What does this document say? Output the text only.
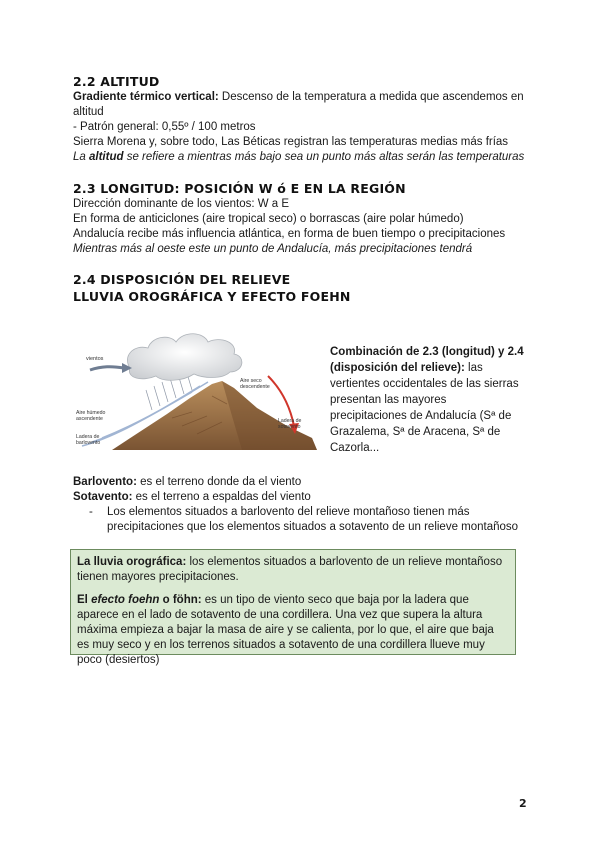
2.2 ALTITUD

Gradiente térmico vertical: Descenso de la temperatura a medida que ascendemos en

altitud

- Patrón general: 0,55º / 100 metros

Sierra Morena y, sobre todo, Las Béticas registran las temperaturas medias más frías

La altitud se refiere a mientras más bajo sea un punto más altas serán las temperaturas

2.3 LONGITUD: POSICIÓN W ó E EN LA REGIÓN

Dirección dominante de los vientos: W a E

En forma de anticiclones (aire tropical seco) o borrascas (aire polar húmedo)

Andalucía recibe más influencia atlántica, en forma de buen tiempo o precipitaciones

Mientras más al oeste este un punto de Andalucía, más precipitaciones tendrá

2.4 DISPOSICIÓN DEL RELIEVE

LLUVIA OROGRÁFICA Y EFECTO FOEHN

vientos
Aire seco
descendente
Aire húmedo
ascendente	Ladera de
sotavento
Ladera de
barlovento

Combinación de 2.3 (longitud) y 2.4 (disposición del relieve): las vertientes occidentales de las sierras presentan las mayores precipitaciones de Andalucía (Sª de Grazalema, Sª de Aracena, Sª de Cazorla...

Barlovento: es el terreno donde da el viento

Sotavento: es el terreno a espaldas del viento

- Los elementos situados a barlovento del relieve montañoso tienen más precipitaciones que los elementos situados a sotavento de un relieve montañoso

La lluvia orográfica: los elementos situados a barlovento de un relieve montañoso tienen mayores precipitaciones.

El efecto foehn o föhn: es un tipo de viento seco que baja por la ladera que aparece en el lado de sotavento de una cordillera. Una vez que supera la altura máxima empieza a bajar la masa de aire y se calienta, por lo que, el aire que baja es muy seco y en los terrenos situados a sotavento de una cordillera llueve muy poco (desiertos)

2
